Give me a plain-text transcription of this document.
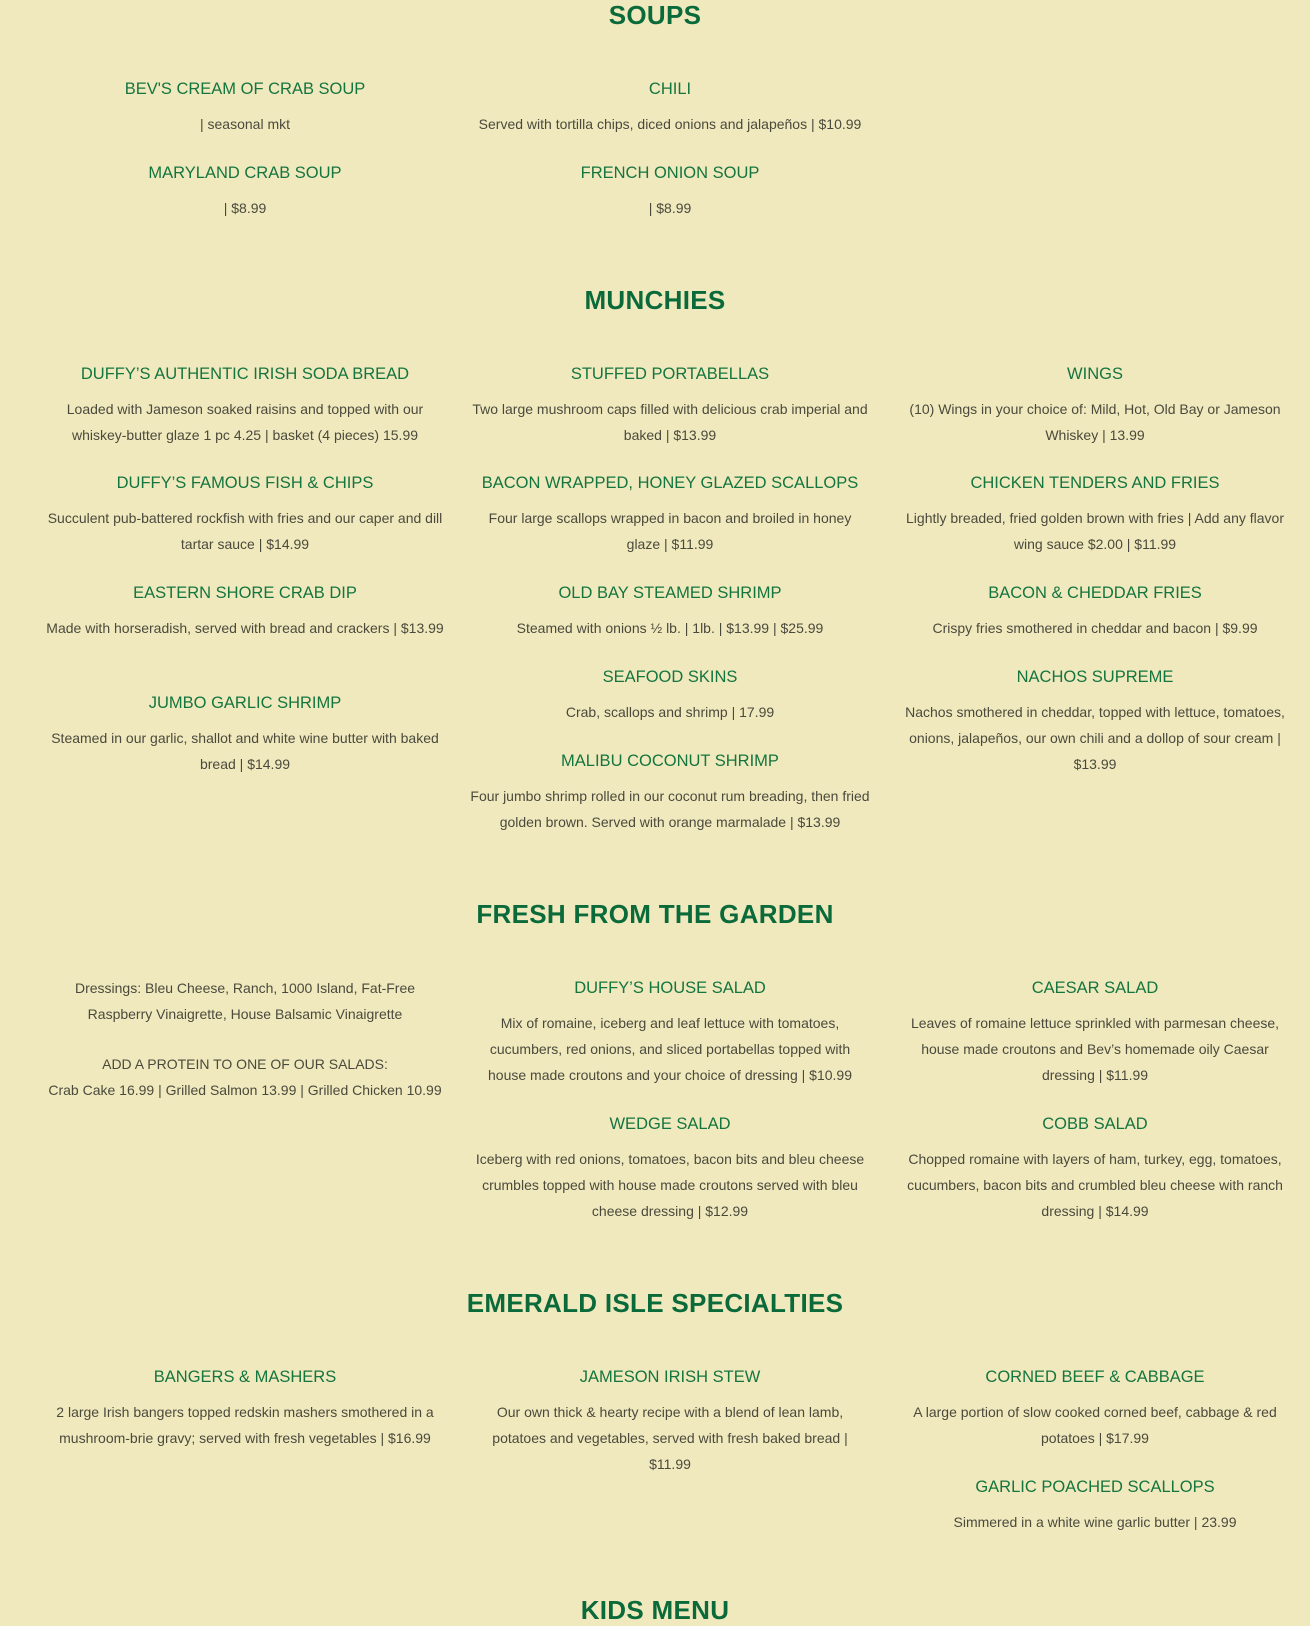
SOUPS

BEV'S CREAM OF CRAB SOUP

| seasonal mkt

MARYLAND CRAB SOUP

| $8.99

CHILI

Served with tortilla chips, diced onions and jalapeños | $10.99

FRENCH ONION SOUP

| $8.99

MUNCHIES

DUFFY’S AUTHENTIC IRISH SODA BREAD

Loaded with Jameson soaked raisins and topped with our whiskey-butter glaze 1 pc 4.25 | basket (4 pieces) 15.99

DUFFY’S FAMOUS FISH & CHIPS

Succulent pub-battered rockfish with fries and our caper and dill tartar sauce | $14.99

EASTERN SHORE CRAB DIP

Made with horseradish, served with bread and crackers | $13.99

JUMBO GARLIC SHRIMP

Steamed in our garlic, shallot and white wine butter with baked bread | $14.99

STUFFED PORTABELLAS

Two large mushroom caps filled with delicious crab imperial and baked | $13.99

BACON WRAPPED, HONEY GLAZED SCALLOPS

Four large scallops wrapped in bacon and broiled in honey glaze | $11.99

OLD BAY STEAMED SHRIMP

Steamed with onions ½ lb. | 1lb. | $13.99 | $25.99

SEAFOOD SKINS

Crab, scallops and shrimp | 17.99

MALIBU COCONUT SHRIMP

Four jumbo shrimp rolled in our coconut rum breading, then fried golden brown. Served with orange marmalade | $13.99

WINGS

(10) Wings in your choice of: Mild, Hot, Old Bay or Jameson Whiskey | 13.99

CHICKEN TENDERS AND FRIES

Lightly breaded, fried golden brown with fries | Add any flavor wing sauce $2.00 | $11.99

BACON & CHEDDAR FRIES

Crispy fries smothered in cheddar and bacon | $9.99

NACHOS SUPREME

Nachos smothered in cheddar, topped with lettuce, tomatoes, onions, jalapeños, our own chili and a dollop of sour cream | $13.99

FRESH FROM THE GARDEN

Dressings: Bleu Cheese, Ranch, 1000 Island, Fat-Free Raspberry Vinaigrette, House Balsamic Vinaigrette

ADD A PROTEIN TO ONE OF OUR SALADS:

Crab Cake 16.99 | Grilled Salmon 13.99 | Grilled Chicken 10.99

DUFFY’S HOUSE SALAD

Mix of romaine, iceberg and leaf lettuce with tomatoes, cucumbers, red onions, and sliced portabellas topped with house made croutons and your choice of dressing | $10.99

WEDGE SALAD

Iceberg with red onions, tomatoes, bacon bits and bleu cheese crumbles topped with house made croutons served with bleu cheese dressing | $12.99

CAESAR SALAD

Leaves of romaine lettuce sprinkled with parmesan cheese, house made croutons and Bev’s homemade oily Caesar dressing | $11.99

COBB SALAD

Chopped romaine with layers of ham, turkey, egg, tomatoes, cucumbers, bacon bits and crumbled bleu cheese with ranch dressing | $14.99

EMERALD ISLE SPECIALTIES

BANGERS & MASHERS

2 large Irish bangers topped redskin mashers smothered in a mushroom-brie gravy; served with fresh vegetables | $16.99

JAMESON IRISH STEW

Our own thick & hearty recipe with a blend of lean lamb, potatoes and vegetables, served with fresh baked bread | $11.99

CORNED BEEF & CABBAGE

A large portion of slow cooked corned beef, cabbage & red potatoes | $17.99

GARLIC POACHED SCALLOPS

Simmered in a white wine garlic butter | 23.99

KIDS MENU
